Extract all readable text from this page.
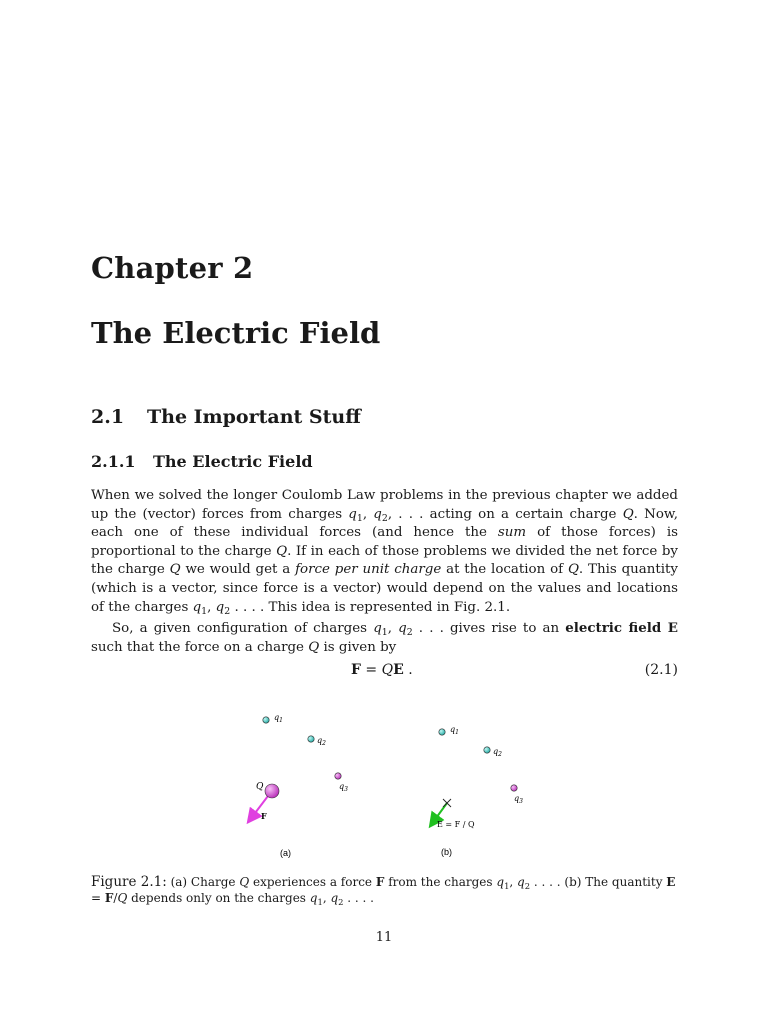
Chapter 2
The Electric Field
2.1 The Important Stuff
2.1.1 The Electric Field
When we solved the longer Coulomb Law problems in the previous chapter we added up the (vector) forces from charges $q_1$, $q_2$, . . . acting on a certain charge Q. Now, each one of these individual forces (and hence the sum of those forces) is proportional to the charge Q. If in each of those problems we divided the net force by the charge Q we would get a force per unit charge at the location of Q. This quantity (which is a vector, since force is a vector) would depend on the values and locations of the charges $q_1$, $q_2$ . . . . This idea is represented in Fig. 2.1.
So, a given configuration of charges $q_1$, $q_2$ . . . gives rise to an electric field E such that the force on a charge Q is given by
F = QE .	(2.1)
$q_1$
$q_2$
$q_3$
Q
F
(a)
$q_1$
$q_2$
$q_3$
E = F / Q
(b)
Figure 2.1: (a) Charge Q experiences a force F from the charges $q_1$, $q_2$ . . . . (b) The quantity E = F/Q depends only on the charges $q_1$, $q_2$ . . . .
11
